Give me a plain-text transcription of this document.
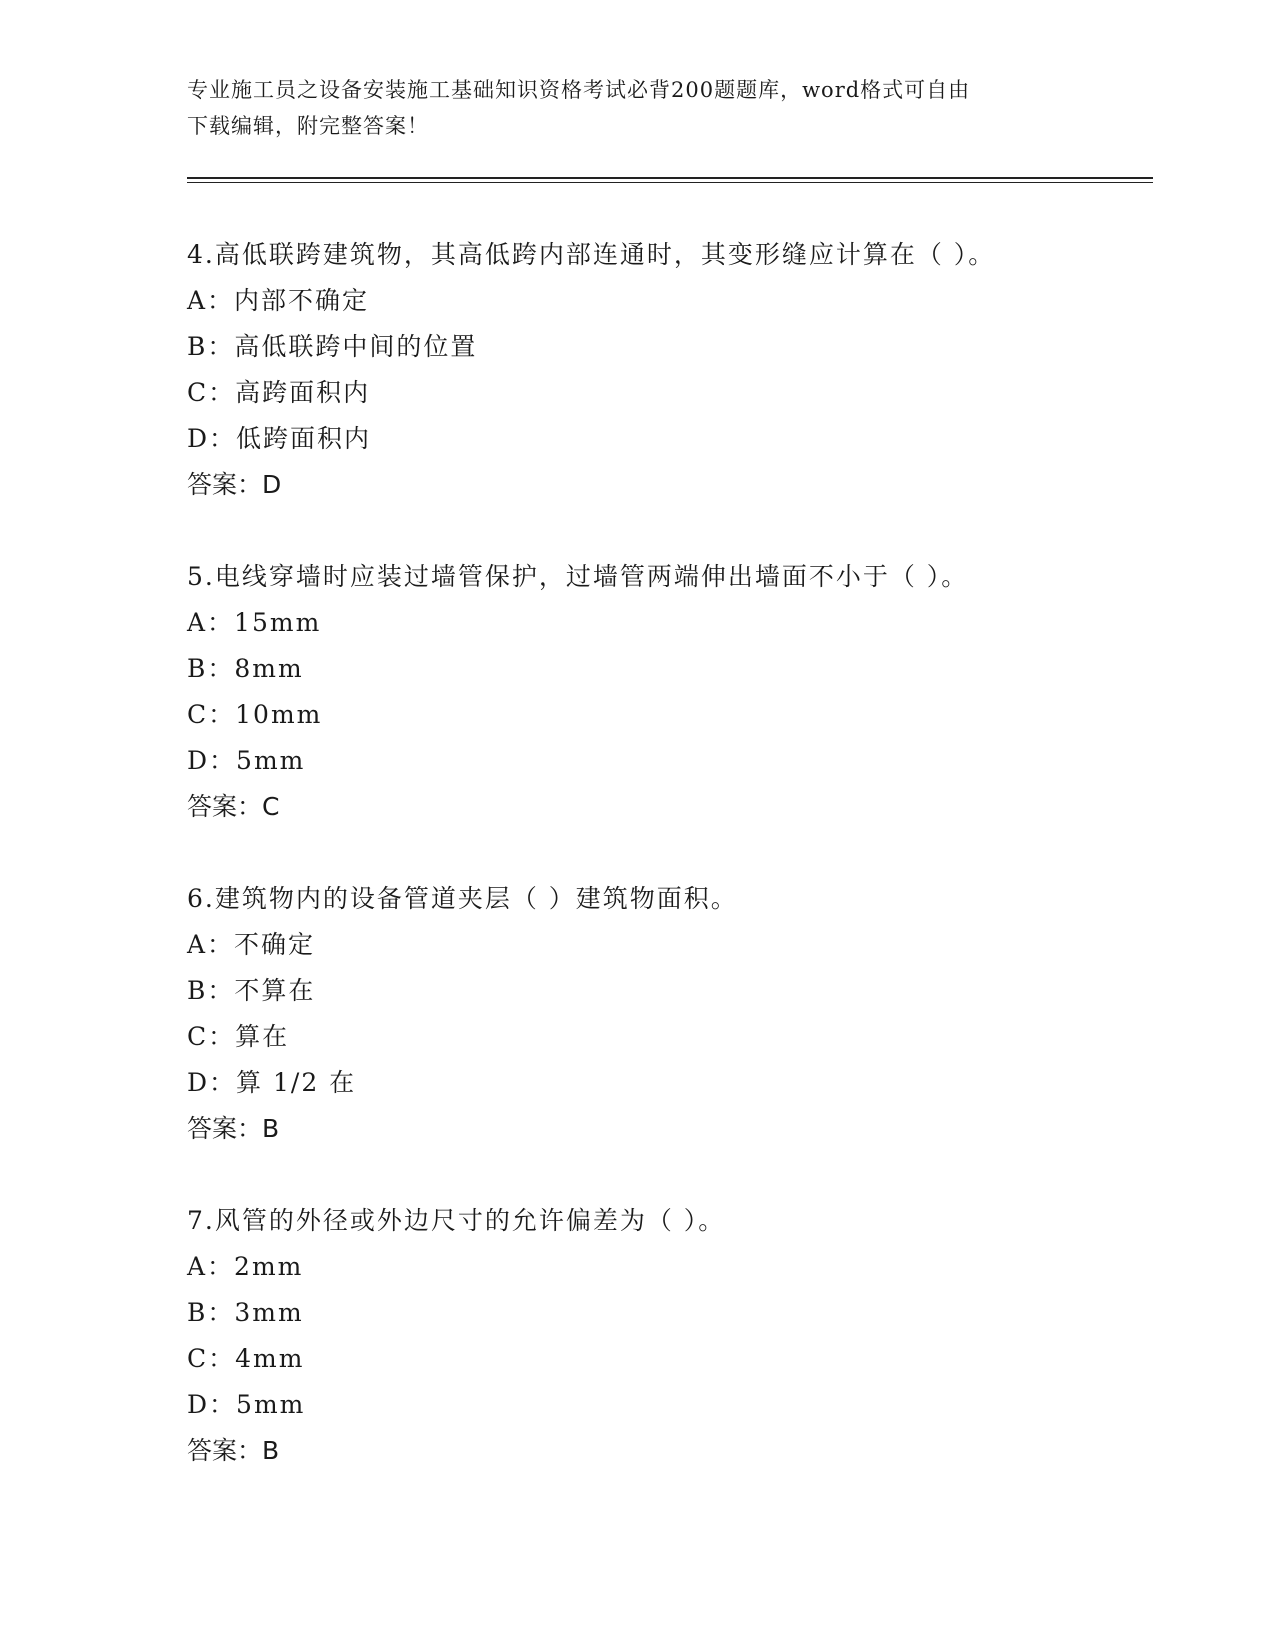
专业施工员之设备安装施工基础知识资格考试必背200题题库，word格式可自由
下载编辑，附完整答案！
4.高低联跨建筑物，其高低跨内部连通时，其变形缝应计算在（ ）。
A：内部不确定
B：高低联跨中间的位置
C：高跨面积内
D：低跨面积内
答案：D
5.电线穿墙时应装过墙管保护，过墙管两端伸出墙面不小于（ ）。
A：15mm
B：8mm
C：10mm
D：5mm
答案：C
6.建筑物内的设备管道夹层（ ）建筑物面积。
A：不确定
B：不算在
C：算在
D：算 1/2 在
答案：B
7.风管的外径或外边尺寸的允许偏差为（ ）。
A：2mm
B：3mm
C：4mm
D：5mm
答案：B
